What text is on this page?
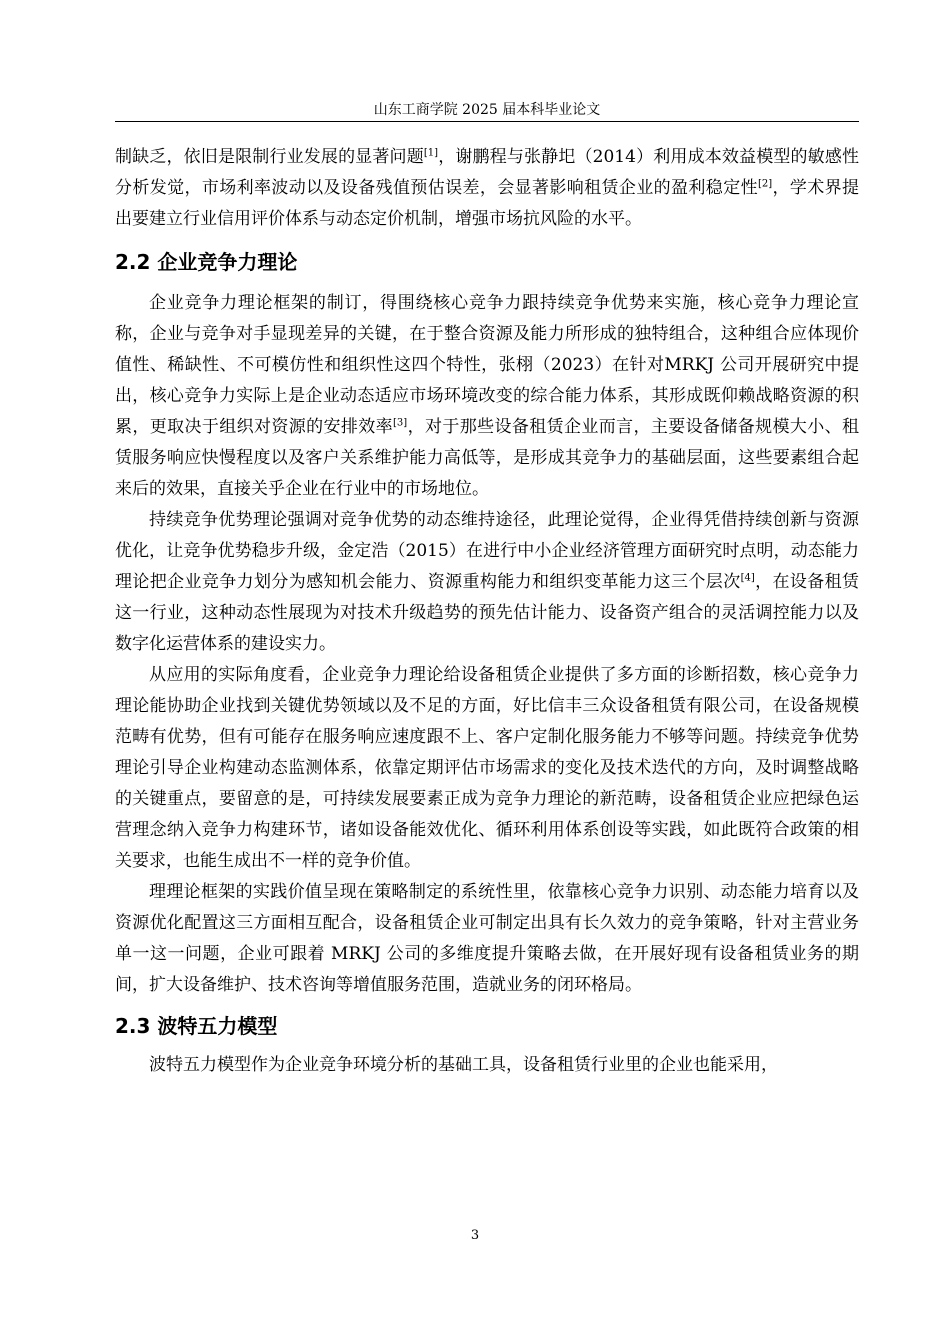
山东工商学院 2025 届本科毕业论文

制缺乏，依旧是限制行业发展的显著问题[1]，谢鹏程与张静圯（2014）利用成本效益模型的敏感性分析发觉，市场利率波动以及设备残值预估误差，会显著影响租赁企业的盈利稳定性[2]，学术界提出要建立行业信用评价体系与动态定价机制，增强市场抗风险的水平。

2.2 企业竞争力理论

企业竞争力理论框架的制订，得围绕核心竞争力跟持续竞争优势来实施，核心竞争力理论宣称，企业与竞争对手显现差异的关键，在于整合资源及能力所形成的独特组合，这种组合应体现价值性、稀缺性、不可模仿性和组织性这四个特性，张栩（2023）在针对MRKJ 公司开展研究中提出，核心竞争力实际上是企业动态适应市场环境改变的综合能力体系，其形成既仰赖战略资源的积累，更取决于组织对资源的安排效率[3]，对于那些设备租赁企业而言，主要设备储备规模大小、租赁服务响应快慢程度以及客户关系维护能力高低等，是形成其竞争力的基础层面，这些要素组合起来后的效果，直接关乎企业在行业中的市场地位。

持续竞争优势理论强调对竞争优势的动态维持途径，此理论觉得，企业得凭借持续创新与资源优化，让竞争优势稳步升级，金定浩（2015）在进行中小企业经济管理方面研究时点明，动态能力理论把企业竞争力划分为感知机会能力、资源重构能力和组织变革能力这三个层次[4]，在设备租赁这一行业，这种动态性展现为对技术升级趋势的预先估计能力、设备资产组合的灵活调控能力以及数字化运营体系的建设实力。

从应用的实际角度看，企业竞争力理论给设备租赁企业提供了多方面的诊断招数，核心竞争力理论能协助企业找到关键优势领域以及不足的方面，好比信丰三众设备租赁有限公司，在设备规模范畴有优势，但有可能存在服务响应速度跟不上、客户定制化服务能力不够等问题。持续竞争优势理论引导企业构建动态监测体系，依靠定期评估市场需求的变化及技术迭代的方向，及时调整战略的关键重点，要留意的是，可持续发展要素正成为竞争力理论的新范畴，设备租赁企业应把绿色运营理念纳入竞争力构建环节，诸如设备能效优化、循环利用体系创设等实践，如此既符合政策的相关要求，也能生成出不一样的竞争价值。

理理论框架的实践价值呈现在策略制定的系统性里，依靠核心竞争力识别、动态能力培育以及资源优化配置这三方面相互配合，设备租赁企业可制定出具有长久效力的竞争策略，针对主营业务单一这一问题，企业可跟着 MRKJ 公司的多维度提升策略去做，在开展好现有设备租赁业务的期间，扩大设备维护、技术咨询等增值服务范围，造就业务的闭环格局。

2.3 波特五力模型

波特五力模型作为企业竞争环境分析的基础工具，设备租赁行业里的企业也能采用，

3
